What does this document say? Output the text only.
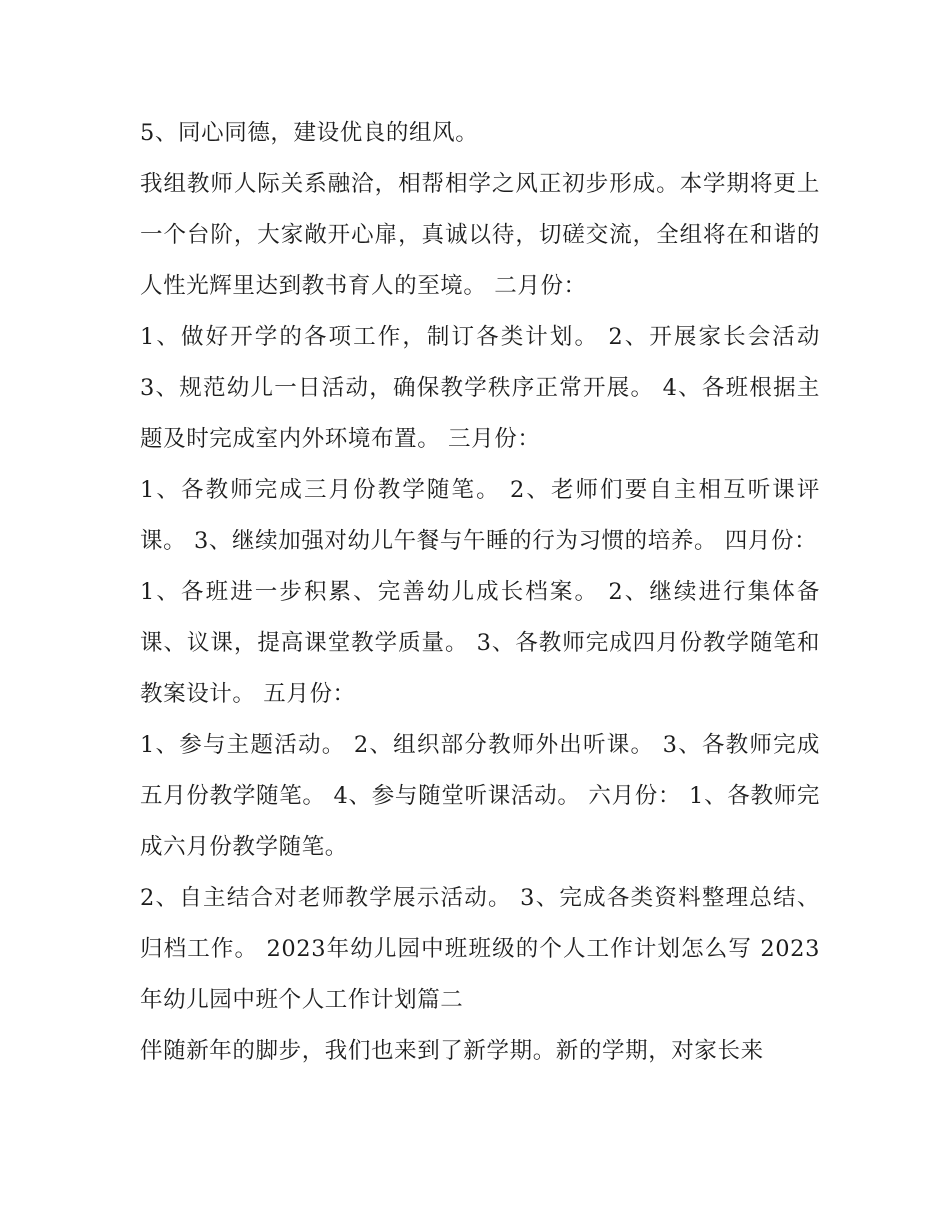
5、同心同德，建设优良的组风。

我组教师人际关系融洽，相帮相学之风正初步形成。本学期将更上一个台阶，大家敞开心扉，真诚以待，切磋交流，全组将在和谐的人性光辉里达到教书育人的至境。 二月份：

1、做好开学的各项工作，制订各类计划。 2、开展家长会活动 3、规范幼儿一日活动，确保教学秩序正常开展。 4、各班根据主题及时完成室内外环境布置。 三月份：

1、各教师完成三月份教学随笔。 2、老师们要自主相互听课评课。 3、继续加强对幼儿午餐与午睡的行为习惯的培养。 四月份：

1、各班进一步积累、完善幼儿成长档案。 2、继续进行集体备课、议课，提高课堂教学质量。 3、各教师完成四月份教学随笔和教案设计。 五月份：

1、参与主题活动。 2、组织部分教师外出听课。 3、各教师完成五月份教学随笔。 4、参与随堂听课活动。 六月份： 1、各教师完成六月份教学随笔。

2、自主结合对老师教学展示活动。 3、完成各类资料整理总结、归档工作。 2023年幼儿园中班班级的个人工作计划怎么写 2023年幼儿园中班个人工作计划篇二

伴随新年的脚步，我们也来到了新学期。新的学期，对家长来
